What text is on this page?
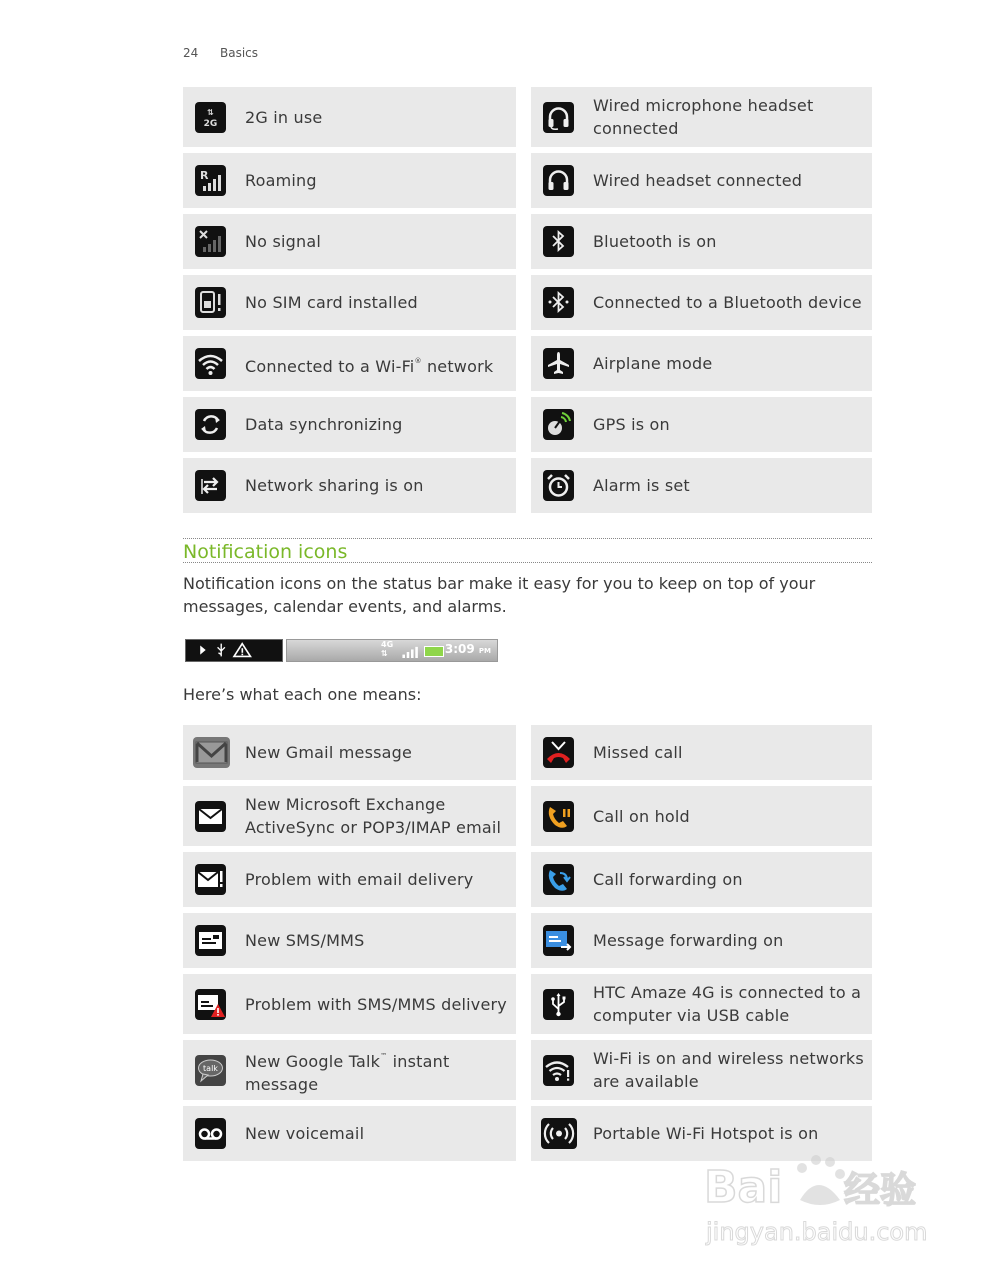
24 Basics
⇅
2G 2G in use
R Roaming
No signal
No SIM card installed
Connected to a Wi-Fi® network
Data synchronizing
Network sharing is on
Wired microphone headset connected
Wired headset connected
Bluetooth is on
Connected to a Bluetooth device
Airplane mode
GPS is on
Alarm is set
Notification icons
Notification icons on the status bar make it easy for you to keep on top of your messages, calendar events, and alarms.
4G
⇅	3:09 PM
Here’s what each one means:
New Gmail message
New Microsoft Exchange ActiveSync or POP3/IMAP email
Problem with email delivery
New SMS/MMS
Problem with SMS/MMS delivery
talk New Google Talk™ instant message
New voicemail
Missed call
Call on hold
Call forwarding on
Message forwarding on
HTC Amaze 4G is connected to a computer via USB cable
Wi-Fi is on and wireless networks are available
Portable Wi-Fi Hotspot is on
Bai 经验
jingyan.baidu.com
